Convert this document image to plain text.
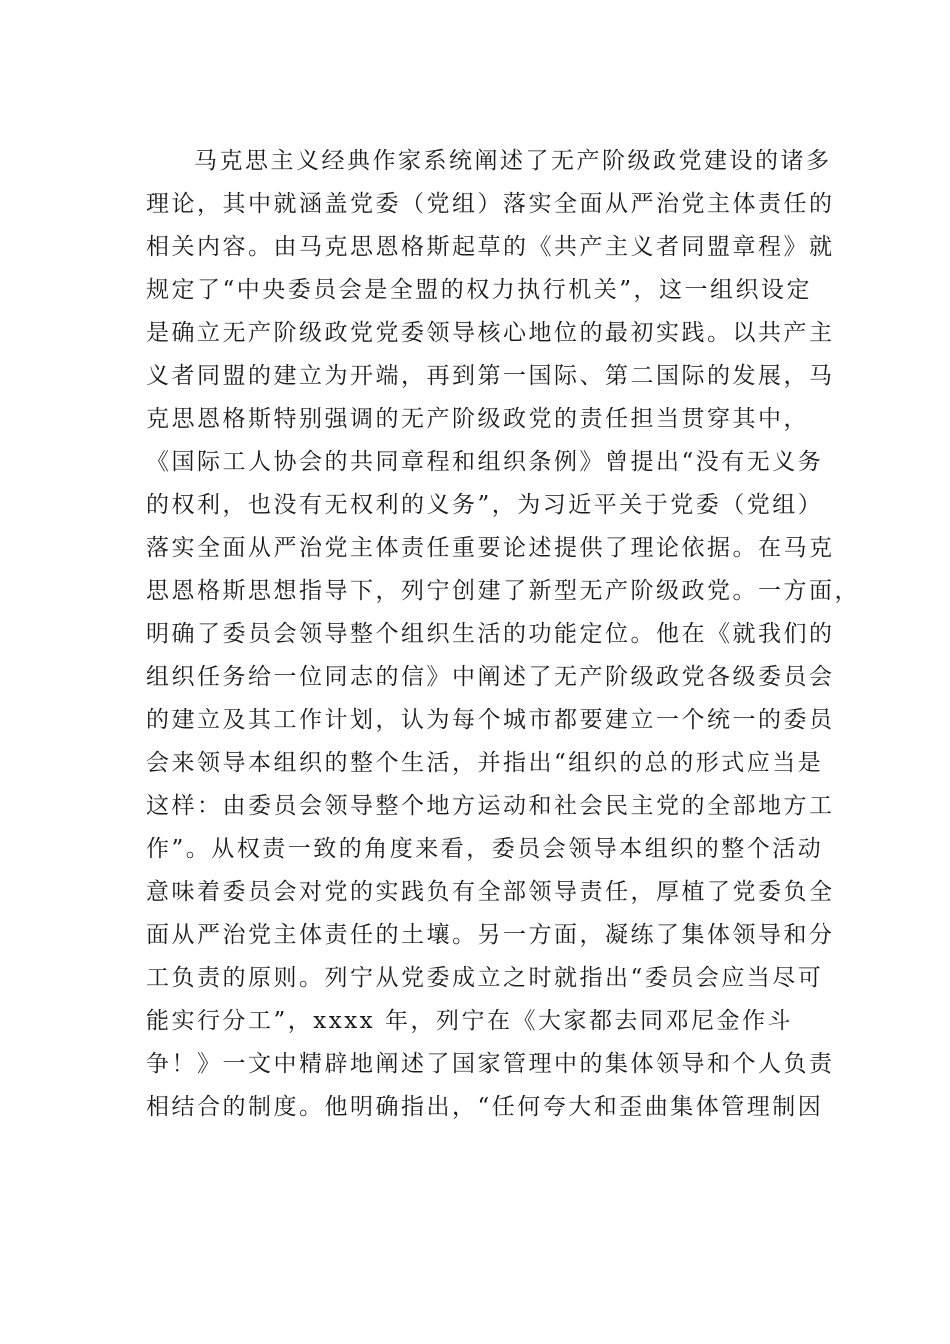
马克思主义经典作家系统阐述了无产阶级政党建设的诸多
理论，其中就涵盖党委（党组）落实全面从严治党主体责任的
相关内容。由马克思恩格斯起草的《共产主义者同盟章程》就
规定了“中央委员会是全盟的权力执行机关”，这一组织设定
是确立无产阶级政党党委领导核心地位的最初实践。以共产主
义者同盟的建立为开端，再到第一国际、第二国际的发展，马
克思恩格斯特别强调的无产阶级政党的责任担当贯穿其中，
《国际工人协会的共同章程和组织条例》曾提出“没有无义务
的权利，也没有无权利的义务”，为习近平关于党委（党组）
落实全面从严治党主体责任重要论述提供了理论依据。在马克
思恩格斯思想指导下，列宁创建了新型无产阶级政党。一方面，
明确了委员会领导整个组织生活的功能定位。他在《就我们的
组织任务给一位同志的信》中阐述了无产阶级政党各级委员会
的建立及其工作计划，认为每个城市都要建立一个统一的委员
会来领导本组织的整个生活，并指出“组织的总的形式应当是
这样：由委员会领导整个地方运动和社会民主党的全部地方工
作”。从权责一致的角度来看，委员会领导本组织的整个活动
意味着委员会对党的实践负有全部领导责任，厚植了党委负全
面从严治党主体责任的土壤。另一方面，凝练了集体领导和分
工负责的原则。列宁从党委成立之时就指出“委员会应当尽可
能实行分工”，xxxx 年，列宁在《大家都去同邓尼金作斗
争！》一文中精辟地阐述了国家管理中的集体领导和个人负责
相结合的制度。他明确指出，“任何夸大和歪曲集体管理制因
